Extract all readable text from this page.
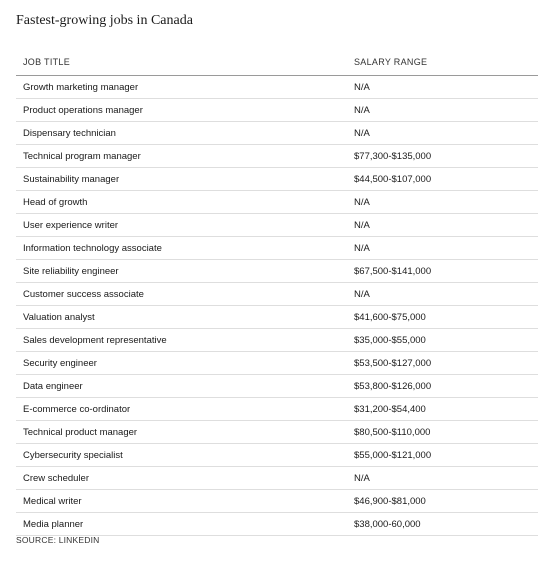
Fastest-growing jobs in Canada
JOB TITLE	SALARY RANGE
Growth marketing manager	N/A
Product operations manager	N/A
Dispensary technician	N/A
Technical program manager	$77,300-$135,000
Sustainability manager	$44,500-$107,000
Head of growth	N/A
User experience writer	N/A
Information technology associate	N/A
Site reliability engineer	$67,500-$141,000
Customer success associate	N/A
Valuation analyst	$41,600-$75,000
Sales development representative	$35,000-$55,000
Security engineer	$53,500-$127,000
Data engineer	$53,800-$126,000
E-commerce co-ordinator	$31,200-$54,400
Technical product manager	$80,500-$110,000
Cybersecurity specialist	$55,000-$121,000
Crew scheduler	N/A
Medical writer	$46,900-$81,000
Media planner	$38,000-60,000
SOURCE: LINKEDIN
